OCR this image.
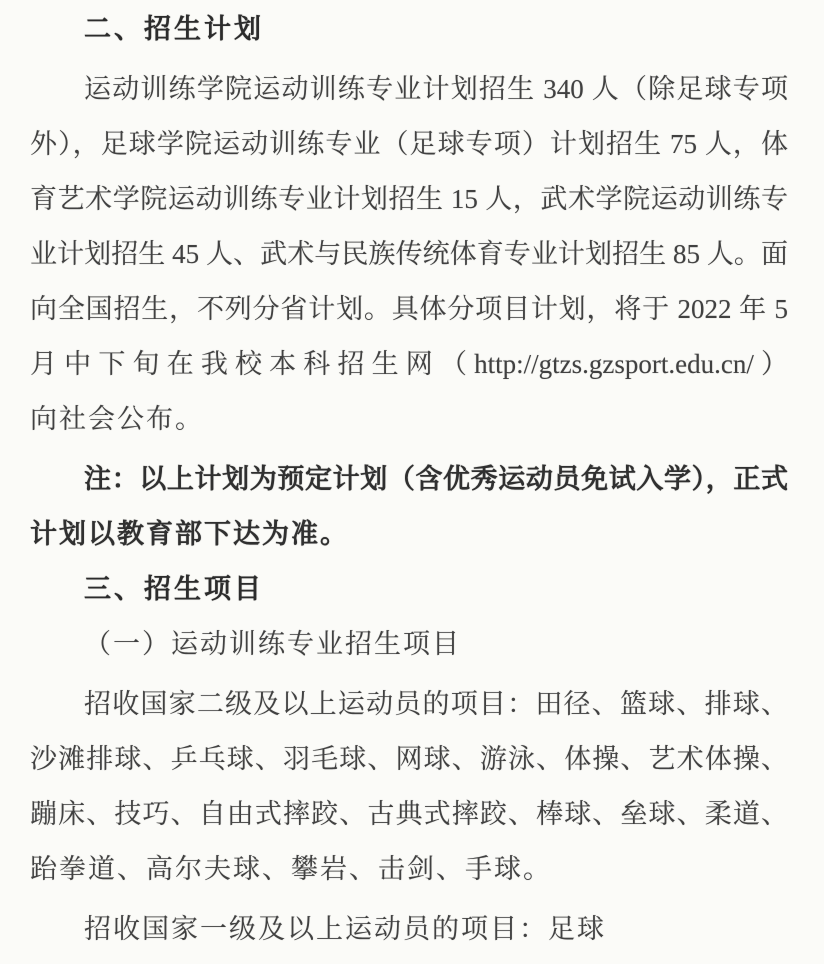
二、招生计划
运动训练学院运动训练专业计划招生 340 人（除足球专项
外），足球学院运动训练专业（足球专项）计划招生 75 人，体
育艺术学院运动训练专业计划招生 15 人，武术学院运动训练专
业计划招生 45 人、武术与民族传统体育专业计划招生 85 人。面
向全国招生，不列分省计划。具体分项目计划，将于 2022 年 5
月中下旬在我校本科招生网（http://gtzs.gzsport.edu.cn/）
向社会公布。
注：以上计划为预定计划（含优秀运动员免试入学），正式
计划以教育部下达为准。
三、招生项目
（一）运动训练专业招生项目
招收国家二级及以上运动员的项目：田径、篮球、排球、
沙滩排球、乒乓球、羽毛球、网球、游泳、体操、艺术体操、
蹦床、技巧、自由式摔跤、古典式摔跤、棒球、垒球、柔道、
跆拳道、高尔夫球、攀岩、击剑、手球。
招收国家一级及以上运动员的项目：足球
